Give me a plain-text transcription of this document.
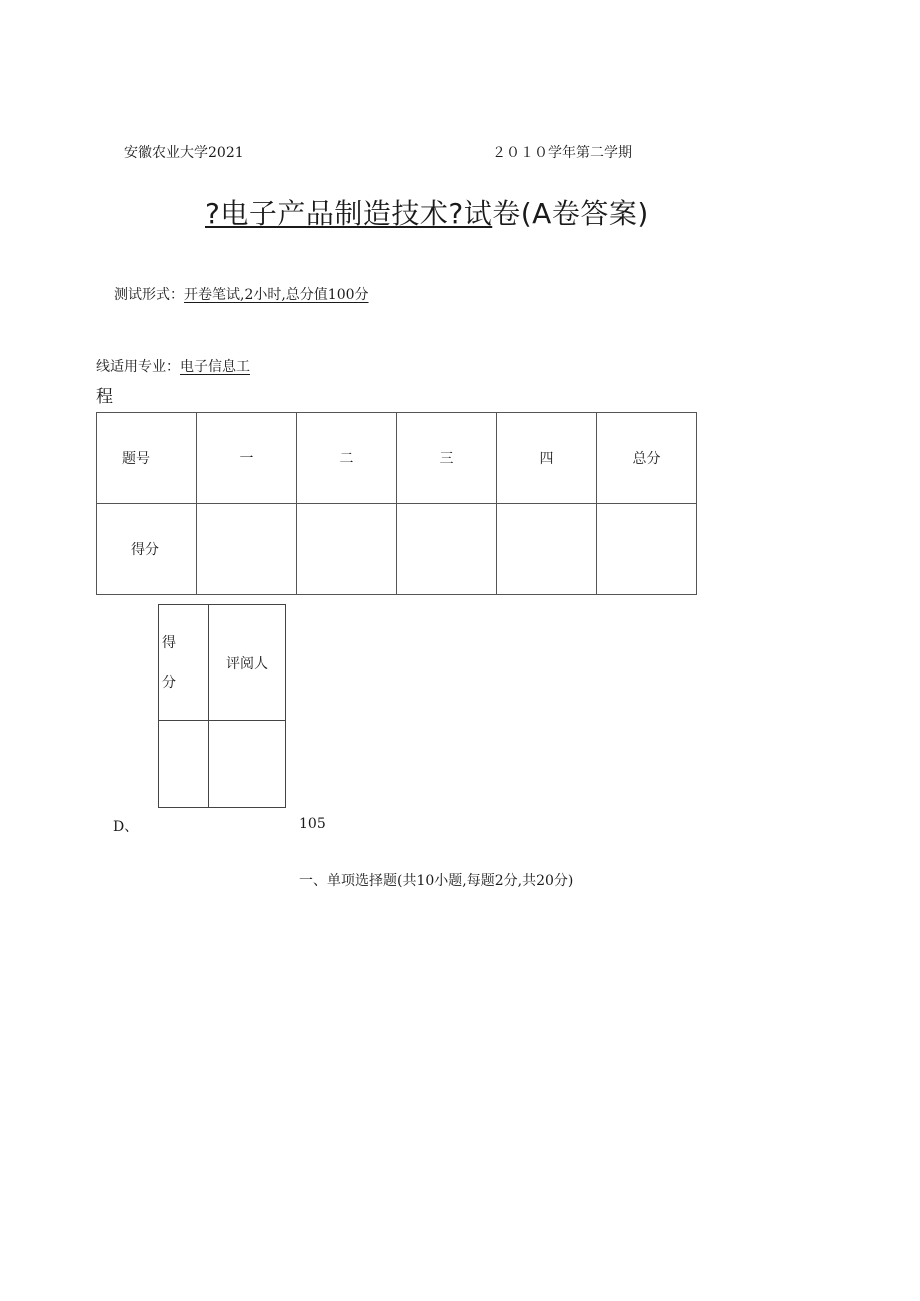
安徽农业大学2021	２０１０学年第二学期
?电子产品制造技术?试卷(A卷答案)
测试形式：开卷笔试,2小时,总分值100分
线适用专业：电子信息工
程
题号	一	二	三	四	总分
得分					
得
分	评阅人

D、	105
一、单项选择题(共10小题,每题2分,共20分)
